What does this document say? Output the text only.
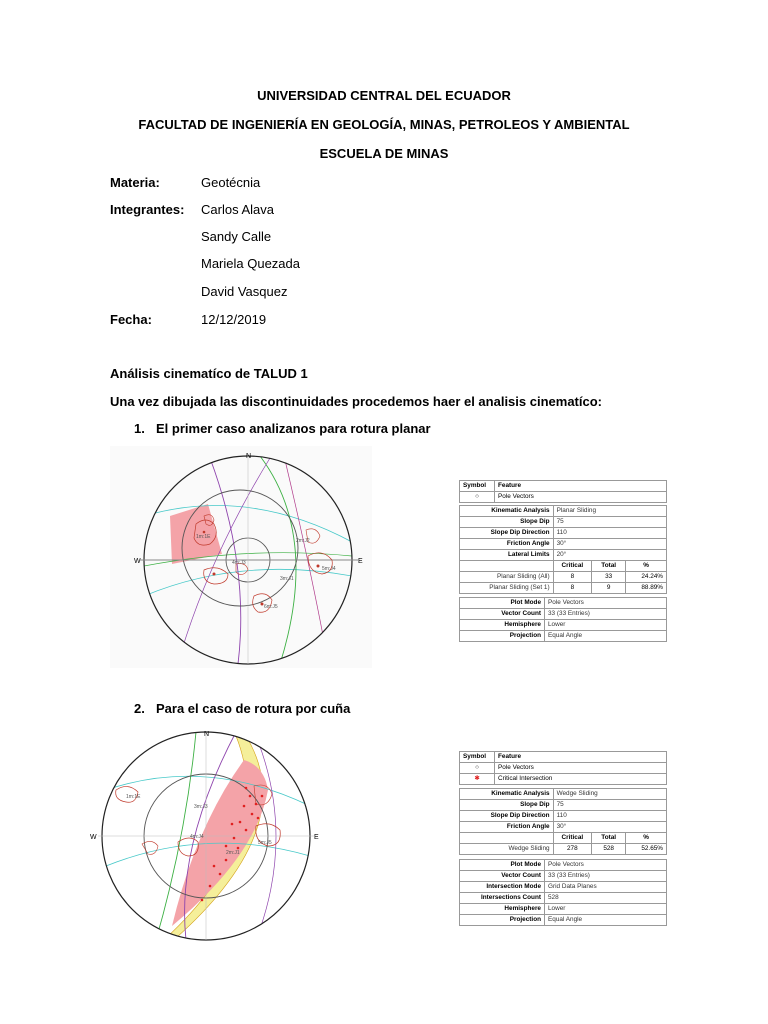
UNIVERSIDAD CENTRAL DEL ECUADOR
FACULTAD DE INGENIERÍA EN GEOLOGÍA, MINAS, PETROLEOS Y AMBIENTAL
ESCUELA DE MINAS
Materia:	Geotécnia
Integrantes: Carlos Alava
Sandy Calle
Mariela Quezada
David Vasquez
Fecha:	12/12/2019
Análisis cinematíco de TALUD 1
Una vez dibujada las discontinuidades procedemos haer el analisis cinematíco:
1. El primer caso analizanos para rotura planar
N
E
W
1m:1E
2m:J2
4m:J3
3m:J1
5m:J4
6m:J5
Symbol	Feature
○	Pole Vectors
Kinematic Analysis	Planar Sliding		
Slope Dip	75		
Slope Dip Direction	110		
Friction Angle	30°		
Lateral Limits	20°		
	Critical	Total	%
Planar Sliding (All)	8	33	24.24%
Planar Sliding (Set 1)	8	9	88.89%
Plot Mode	Pole Vectors
Vector Count	33 (33 Entries)
Hemisphere	Lower
Projection	Equal Angle
2. Para el caso de rotura por cuña
N
E
W
1m:1E
3m:J3
4m:J4
5m:J5
2m:J1
Symbol	Feature
○	Pole Vectors
✱	Critical Intersection
Kinematic Analysis	Wedge Sliding		
Slope Dip	75		
Slope Dip Direction	110		
Friction Angle	30°		
	Critical	Total	%
Wedge Sliding	278	528	52.65%
Plot Mode	Pole Vectors
Vector Count	33 (33 Entries)
Intersection Mode	Grid Data Planes
Intersections Count	528
Hemisphere	Lower
Projection	Equal Angle
